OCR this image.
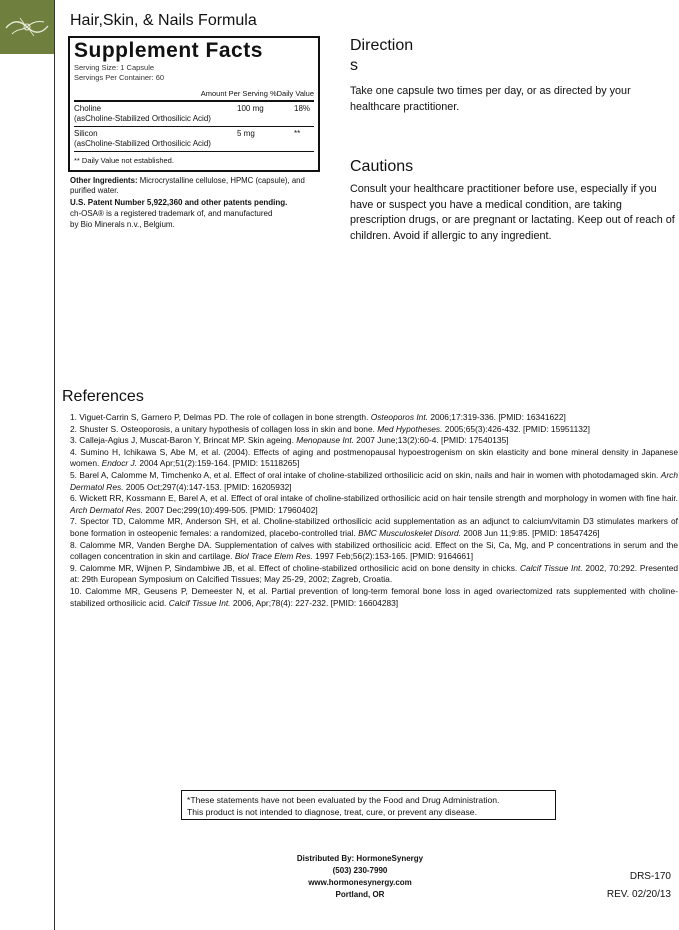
Hair,Skin, & Nails Formula
Supplement Facts
Serving Size: 1 Capsule
Servings Per Container: 60
Amount Per Serving %Daily Value
Choline
(asCholine-Stabilized Orthosilicic Acid)
100 mg	18%
Silicon
(asCholine-Stabilized Orthosilicic Acid)
5 mg	**
** Daily Value not established.
Other Ingredients: Microcrystalline cellulose, HPMC (capsule), and purified water.
U.S. Patent Number 5,922,360 and other patents pending.
ch-OSA® is a registered trademark of, and manufactured
by Bio Minerals n.v., Belgium.
Direction
s
Take one capsule two times per day, or as directed by your healthcare practitioner.
Cautions
Consult your healthcare practitioner before use, especially if you have or suspect you have a medical condition, are taking prescription drugs, or are pregnant or lactating. Keep out of reach of children. Avoid if allergic to any ingredient.
References
1. Viguet-Carrin S, Garnero P, Delmas PD. The role of collagen in bone strength. Osteoporos Int. 2006;17:319-336. [PMID: 16341622]
2. Shuster S. Osteoporosis, a unitary hypothesis of collagen loss in skin and bone. Med Hypotheses. 2005;65(3):426-432. [PMID: 15951132]
3. Calleja-Agius J, Muscat-Baron Y, Brincat MP. Skin ageing. Menopause Int. 2007 June;13(2):60-4. [PMID: 17540135]
4. Sumino H, Ichikawa S, Abe M, et al. (2004). Effects of aging and postmenopausal hypoestrogenism on skin elasticity and bone mineral density in Japanese women. Endocr J. 2004 Apr;51(2):159-164. [PMID: 15118265]
5. Barel A, Calomme M, Timchenko A, et al. Effect of oral intake of choline-stabilized orthosilicic acid on skin, nails and hair in women with photodamaged skin. Arch Dermatol Res. 2005 Oct;297(4):147-153. [PMID: 16205932]
6. Wickett RR, Kossmann E, Barel A, et al. Effect of oral intake of choline-stabilized orthosilicic acid on hair tensile strength and morphology in women with fine hair. Arch Dermatol Res. 2007 Dec;299(10):499-505. [PMID: 17960402]
7. Spector TD, Calomme MR, Anderson SH, et al. Choline-stabilized orthosilicic acid supplementation as an adjunct to calcium/vitamin D3 stimulates markers of bone formation in osteopenic females: a randomized, placebo-controlled trial. BMC Musculoskelet Disord. 2008 Jun 11;9:85. [PMID: 18547426]
8. Calomme MR, Vanden Berghe DA. Supplementation of calves with stabilized orthosilicic acid. Effect on the Si, Ca, Mg, and P concentrations in serum and the collagen concentration in skin and cartilage. Biol Trace Elem Res. 1997 Feb;56(2):153-165. [PMID: 9164661]
9. Calomme MR, Wijnen P, Sindambiwe JB, et al. Effect of choline-stabilized orthosilicic acid on bone density in chicks. Calcif Tissue Int. 2002, 70:292. Presented at: 29th European Symposium on Calcified Tissues; May 25-29, 2002; Zagreb, Croatia.
10. Calomme MR, Geusens P, Demeester N, et al. Partial prevention of long-term femoral bone loss in aged ovariectomized rats supplemented with choline-stabilized orthosilicic acid. Calcif Tissue Int. 2006, Apr;78(4): 227-232. [PMID: 16604283]
*These statements have not been evaluated by the Food and Drug Administration.
This product is not intended to diagnose, treat, cure, or prevent any disease.
Distributed By: HormoneSynergy
(503) 230-7990
www.hormonesynergy.com
Portland, OR
DRS-170
REV. 02/20/13
